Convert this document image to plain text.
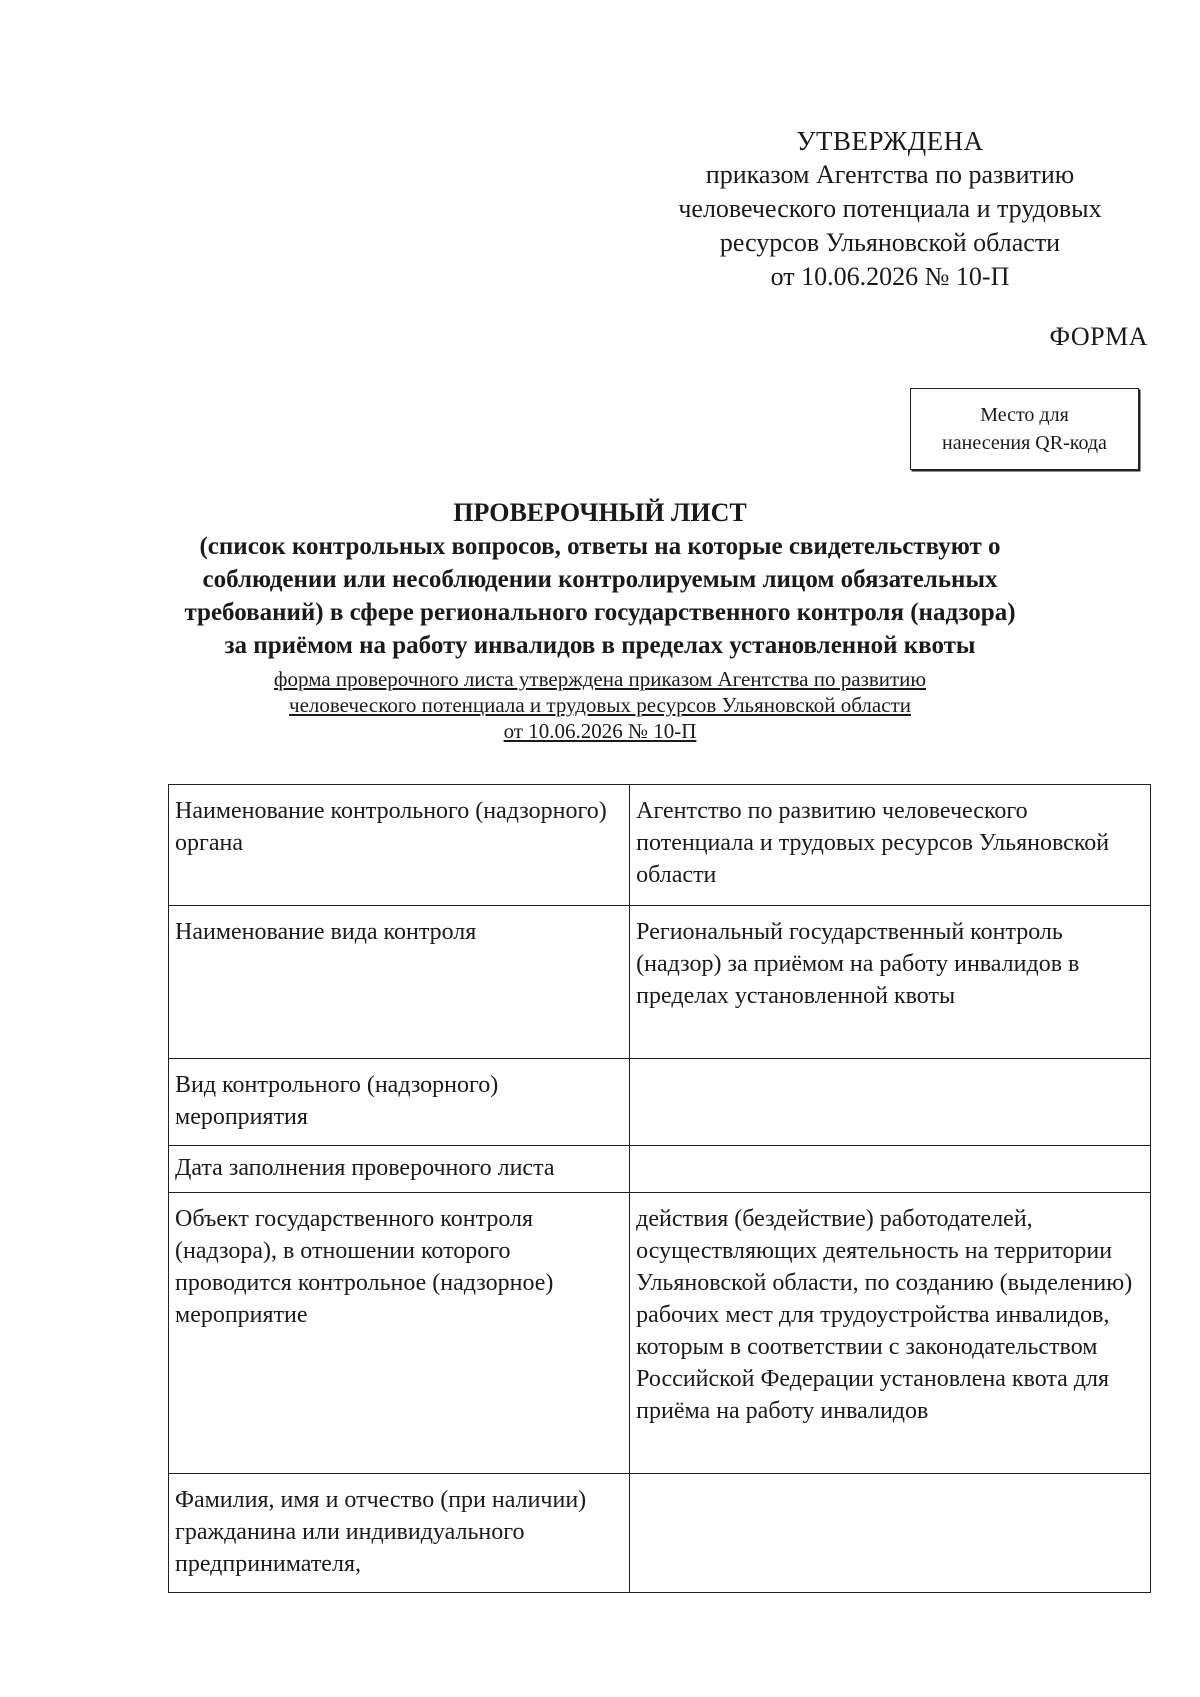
УТВЕРЖДЕНА
приказом Агентства по развитию
человеческого потенциала и трудовых
ресурсов Ульяновской области
от 10.06.2026 № 10-П
ФОРМА
Место для
нанесения QR-кода
ПРОВЕРОЧНЫЙ ЛИСТ
(список контрольных вопросов, ответы на которые свидетельствуют о
соблюдении или несоблюдении контролируемым лицом обязательных
требований) в сфере регионального государственного контроля (надзора)
за приёмом на работу инвалидов в пределах установленной квоты
форма проверочного листа утверждена приказом Агентства по развитию
человеческого потенциала и трудовых ресурсов Ульяновской области
от 10.06.2026 № 10-П
Наименование контрольного (надзорного) органа	Агентство по развитию человеческого потенциала и трудовых ресурсов Ульяновской области
Наименование вида контроля	Региональный государственный контроль (надзор) за приёмом на работу инвалидов в пределах установленной квоты
Вид контрольного (надзорного) мероприятия	
Дата заполнения проверочного листа	
Объект государственного контроля (надзора), в отношении которого проводится контрольное (надзорное) мероприятие	действия (бездействие) работодателей, осуществляющих деятельность на территории Ульяновской области, по созданию (выделению) рабочих мест для трудоустройства инвалидов, которым в соответствии с законодательством Российской Федерации установлена квота для приёма на работу инвалидов
Фамилия, имя и отчество (при наличии) гражданина или индивидуального предпринимателя,	
